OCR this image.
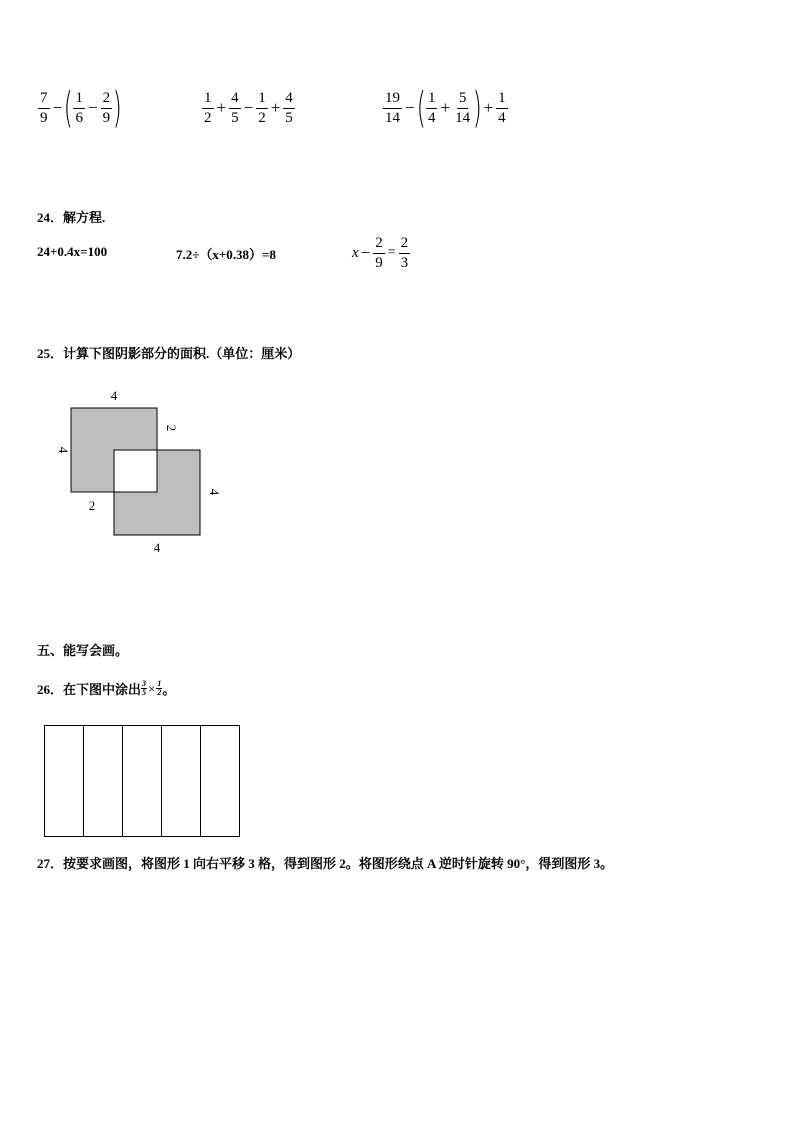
$\frac{7}{9}$ − ( $\frac{1}{6} - \frac{2}{9}$ )	$\frac{1}{2} + \frac{4}{5} - \frac{1}{2} + \frac{4}{5}$	$\frac{19}{14}$ − ( $\frac{1}{4} + \frac{5}{14}$ ) + $\frac{1}{4}$
24．解方程.
24+0.4x=100	7.2÷（x+0.38）=8	$x - \frac{2}{9} = \frac{2}{3}$
25．计算下图阴影部分的面积.（单位：厘米）
4
4
2
4
2
4
五、能写会画。
26．在下图中涂出 $\frac{3}{5} \times \frac{1}{2}$ 。
27．按要求画图，将图形 1 向右平移 3 格，得到图形 2。将图形绕点 A 逆时针旋转 90°，得到图形 3。
